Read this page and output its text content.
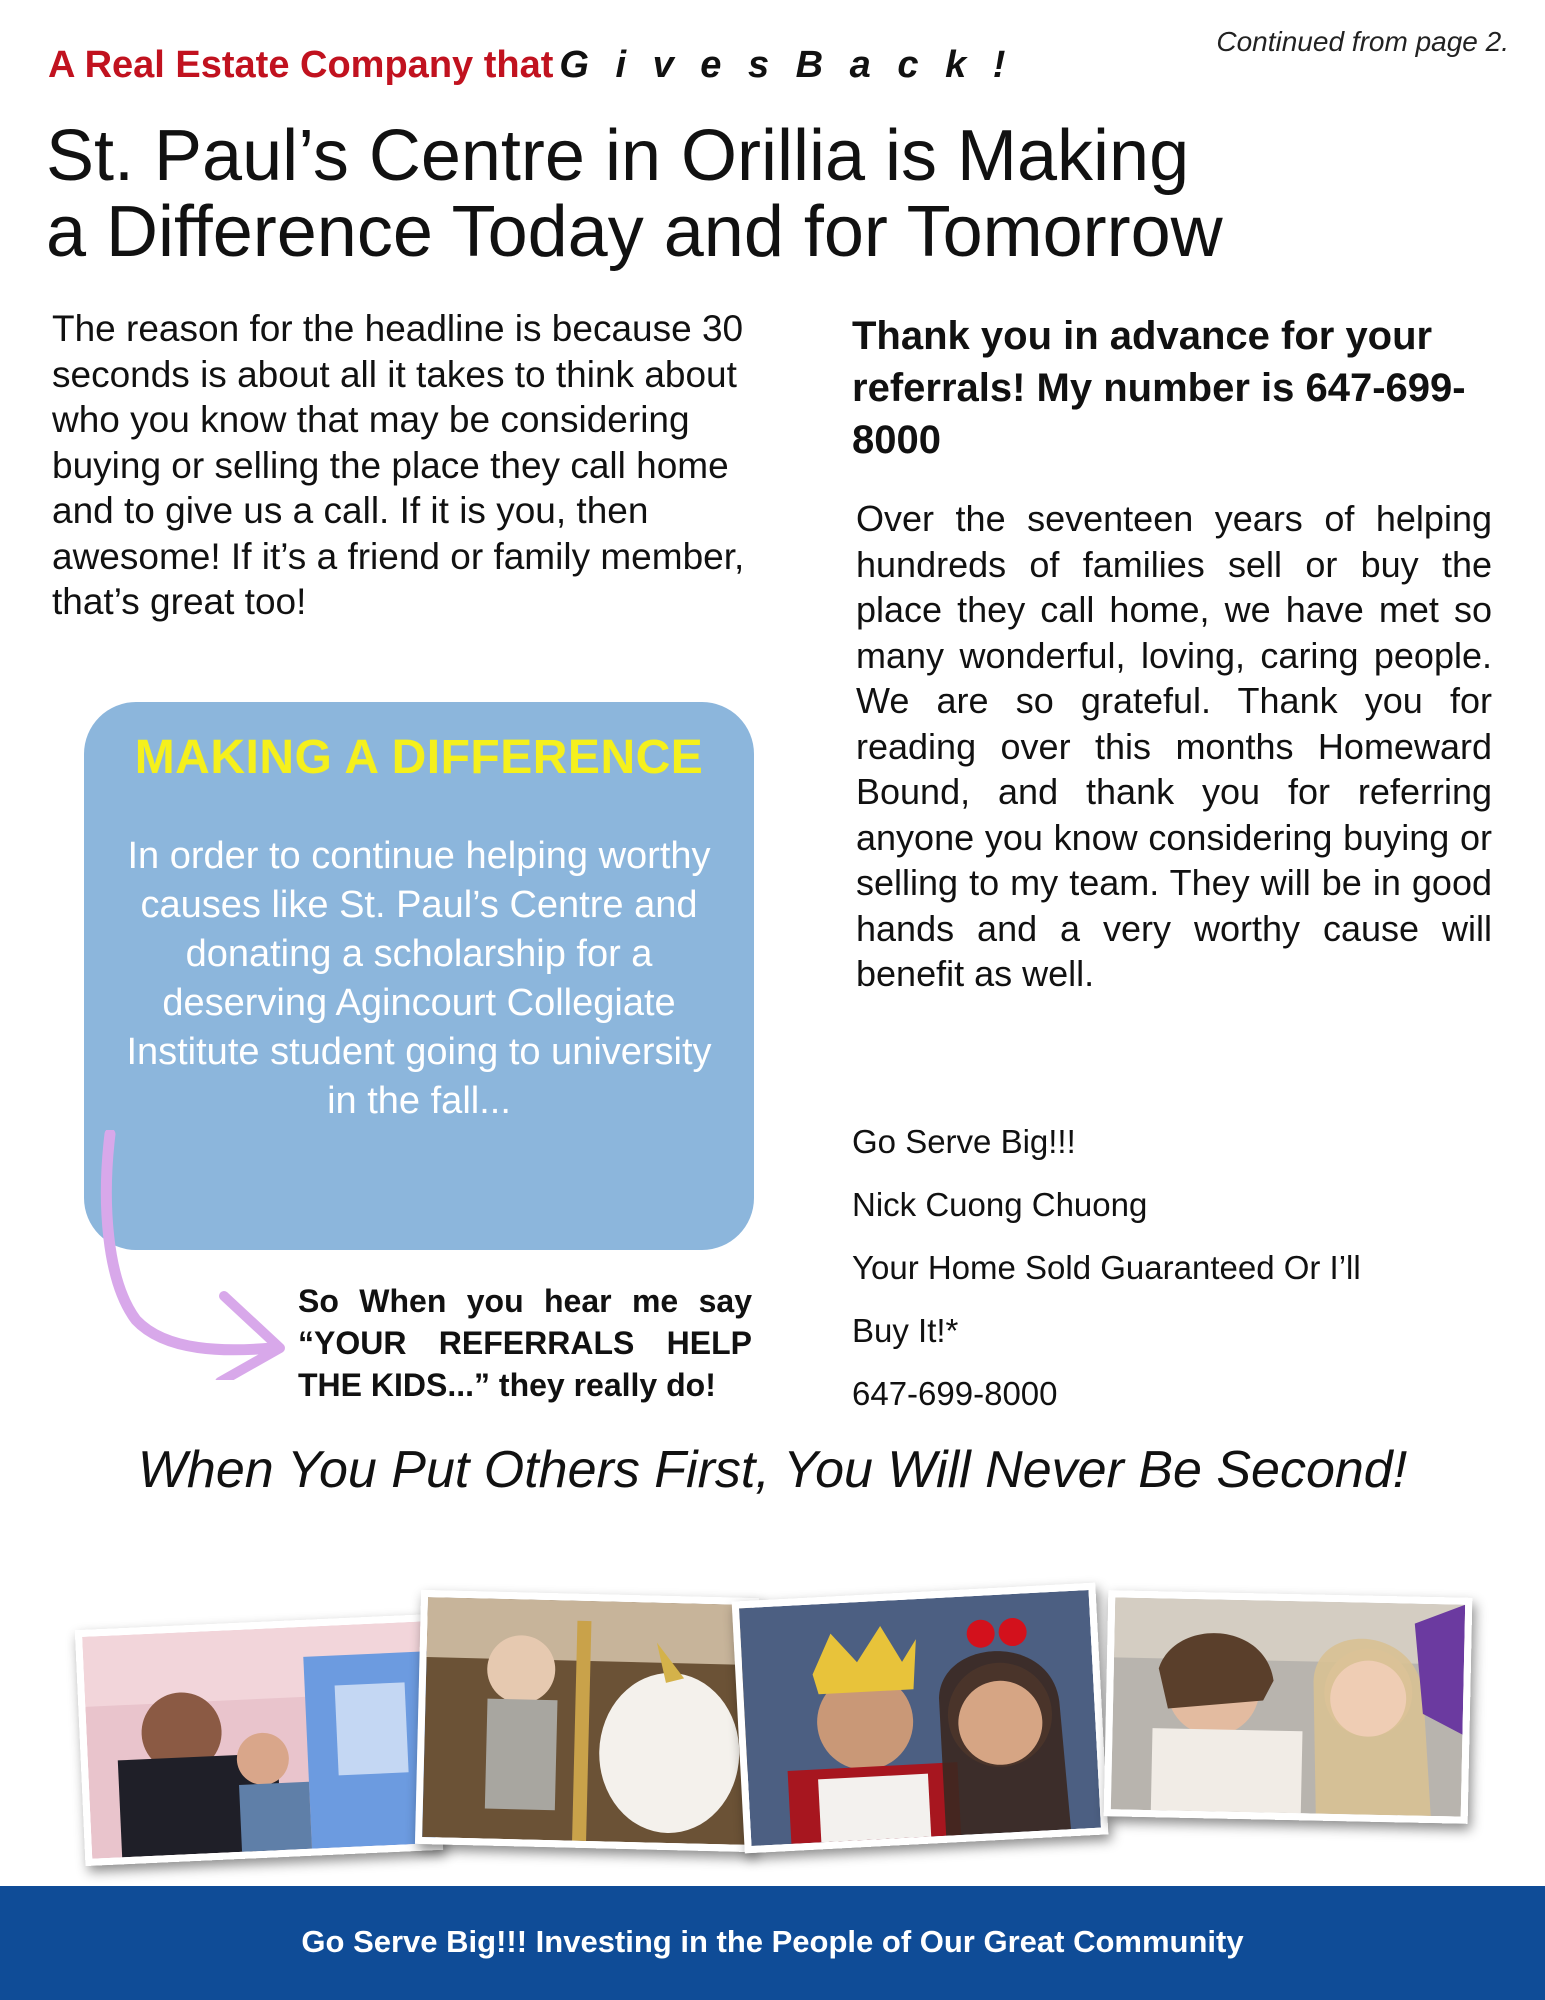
Continued from page 2.
A Real Estate Company that G i v e s B a c k !
St. Paul’s Centre in Orillia is Making
a Difference Today and for Tomorrow
The reason for the headline is because 30 seconds is about all it takes to think about who you know that may be considering buying or selling the place they call home and to give us a call. If it is you, then awesome! If it’s a friend or family member, that’s great too!
MAKING A DIFFERENCE
In order to continue helping worthy causes like St. Paul’s Centre and donating a scholarship for a deserving Agincourt Collegiate Institute student going to university in the fall...
So When you hear me say “YOUR REFERRALS HELP
THE KIDS...” they really do!
Thank you in advance for your referrals! My number is 647-699-8000
Over the seventeen years of helping hundreds of families sell or buy the place they call home, we have met so many wonderful, loving, caring people. We are so grateful. Thank you for reading over this months Homeward Bound, and thank you for referring anyone you know considering buying or selling to my team. They will be in good hands and a very worthy cause will benefit as well.
Go Serve Big!!!
Nick Cuong Chuong
Your Home Sold Guaranteed Or I’ll
Buy It!*
647-699-8000
When You Put Others First, You Will Never Be Second!
Go Serve Big!!! Investing in the People of Our Great Community
